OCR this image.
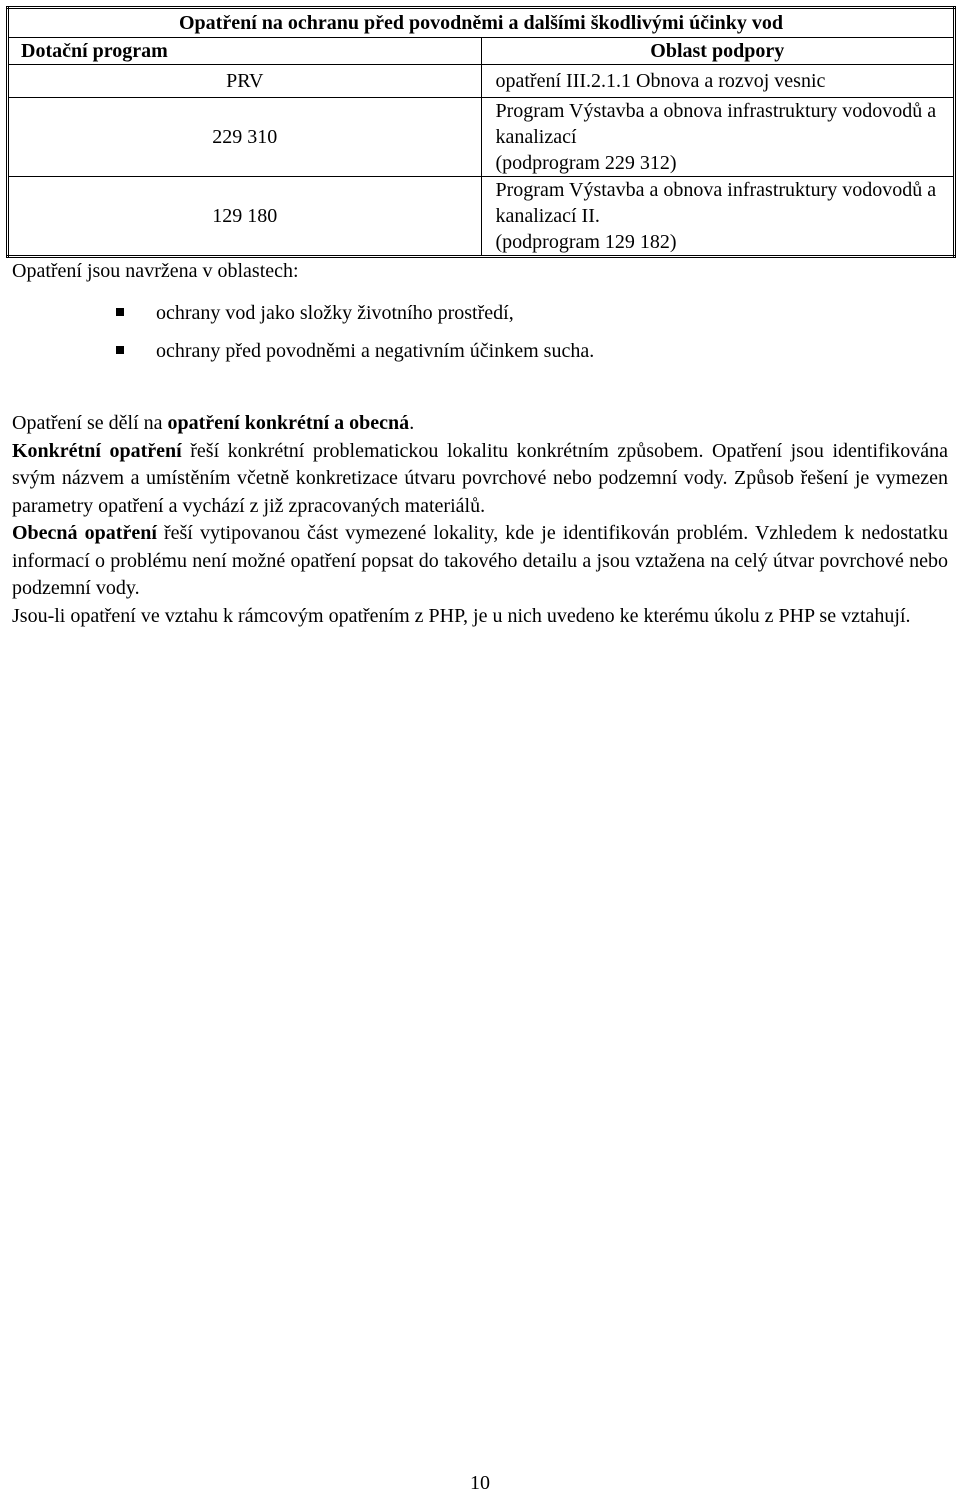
Opatření na ochranu před povodněmi a dalšími škodlivými účinky vod	
Dotační program	Oblast podpory
PRV	opatření III.2.1.1 Obnova a rozvoj vesnic

229 310	Program Výstavba a obnova infrastruktury vodovodů a kanalizací
(podprogram 229 312)

129 180	Program Výstavba a obnova infrastruktury vodovodů a kanalizací II.
(podprogram 129 182)
Opatření jsou navržena v oblastech:
ochrany vod jako složky životního prostředí,
ochrany před povodněmi a negativním účinkem sucha.

Opatření se dělí na opatření konkrétní a obecná.

Konkrétní opatření řeší konkrétní problematickou lokalitu konkrétním způsobem. Opatření jsou identifikována svým názvem a umístěním včetně konkretizace útvaru povrchové nebo podzemní vody. Způsob řešení je vymezen parametry opatření a vychází z již zpracovaných materiálů.

Obecná opatření řeší vytipovanou část vymezené lokality, kde je identifikován problém. Vzhledem k nedostatku informací o problému není možné opatření popsat do takového detailu a jsou vztažena na celý útvar povrchové nebo podzemní vody.

Jsou-li opatření ve vztahu k rámcovým opatřením z PHP, je u nich uvedeno ke kterému úkolu z PHP se vztahují.

10
